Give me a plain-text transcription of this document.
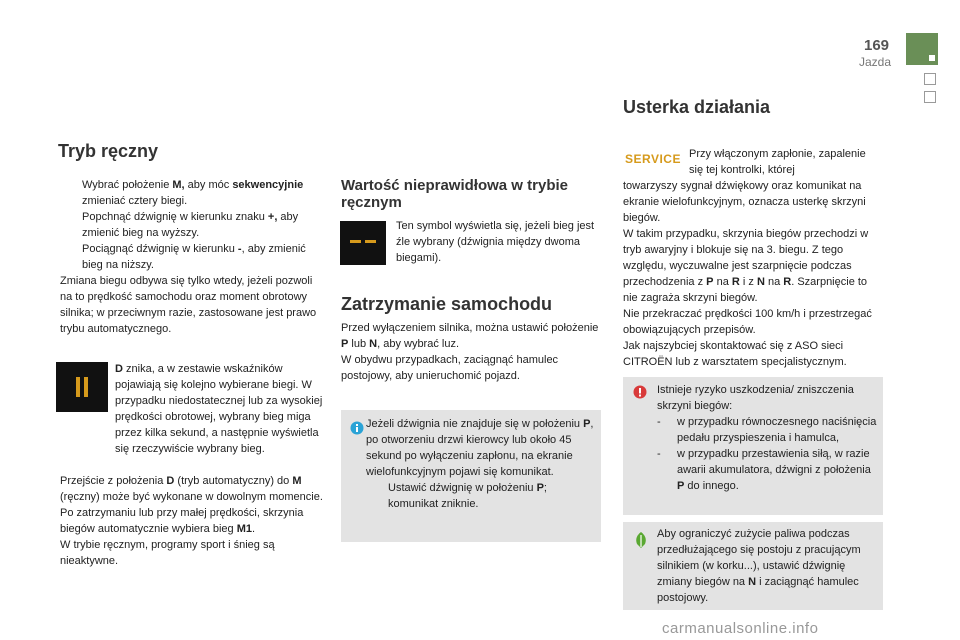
169
Jazda
Tryb ręczny
Wybrać położenie M, aby móc sekwencyjnie zmieniać cztery biegi.
Popchnąć dźwignię w kierunku znaku +, aby zmienić bieg na wyższy.
Pociągnąć dźwignię w kierunku -, aby zmienić bieg na niższy.

Zmiana biegu odbywa się tylko wtedy, jeżeli pozwoli na to prędkość samochodu oraz moment obrotowy silnika; w przeciwnym razie, zastosowane jest prawo trybu automatycznego.

D znika, a w zestawie wskaźników pojawiają się kolejno wybierane biegi. W przypadku niedostatecznej lub za wysokiej prędkości obrotowej, wybrany bieg miga przez kilka sekund, a następnie wyświetla się rzeczywiście wybrany bieg.

Przejście z położenia D (tryb automatyczny) do M (ręczny) może być wykonane w dowolnym momencie.

Po zatrzymaniu lub przy małej prędkości, skrzynia biegów automatycznie wybiera bieg M1.

W trybie ręcznym, programy sport i śnieg są nieaktywne.

Wartość nieprawidłowa w trybie ręcznym
Ten symbol wyświetla się, jeżeli bieg jest źle wybrany (dźwignia między dwoma biegami).
Zatrzymanie samochodu

Przed wyłączeniem silnika, można ustawić położenie P lub N, aby wybrać luz.

W obydwu przypadkach, zaciągnąć hamulec postojowy, aby unieruchomić pojazd.

Jeżeli dźwignia nie znajduje się w położeniu P, po otworzeniu drzwi kierowcy lub około 45 sekund po wyłączeniu zapłonu, na ekranie wielofunkcyjnym pojawi się komunikat.

Ustawić dźwignię w położeniu P; komunikat zniknie.
Usterka działania
SERVICE Przy włączonym zapłonie, zapalenie się tej kontrolki, której

towarzyszy sygnał dźwiękowy oraz komunikat na ekranie wielofunkcyjnym, oznacza usterkę skrzyni biegów.

W takim przypadku, skrzynia biegów przechodzi w tryb awaryjny i blokuje się na 3. biegu. Z tego względu, wyczuwalne jest szarpnięcie podczas przechodzenia z P na R i z N na R. Szarpnięcie to nie zagraża skrzyni biegów.

Nie przekraczać prędkości 100 km/h i przestrzegać obowiązujących przepisów.

Jak najszybciej skontaktować się z ASO sieci CITROËN lub z warsztatem specjalistycznym.

Istnieje ryzyko uszkodzenia/ zniszczenia skrzyni biegów:

- w przypadku równoczesnego naciśnięcia pedału przyspieszenia i hamulca,
- w przypadku przestawienia siłą, w razie awarii akumulatora, dźwigni z położenia P do innego.

Aby ograniczyć zużycie paliwa podczas przedłużającego się postoju z pracującym silnikiem (w korku...), ustawić dźwignię zmiany biegów na N i zaciągnąć hamulec postojowy.

carmanualsonline.info
